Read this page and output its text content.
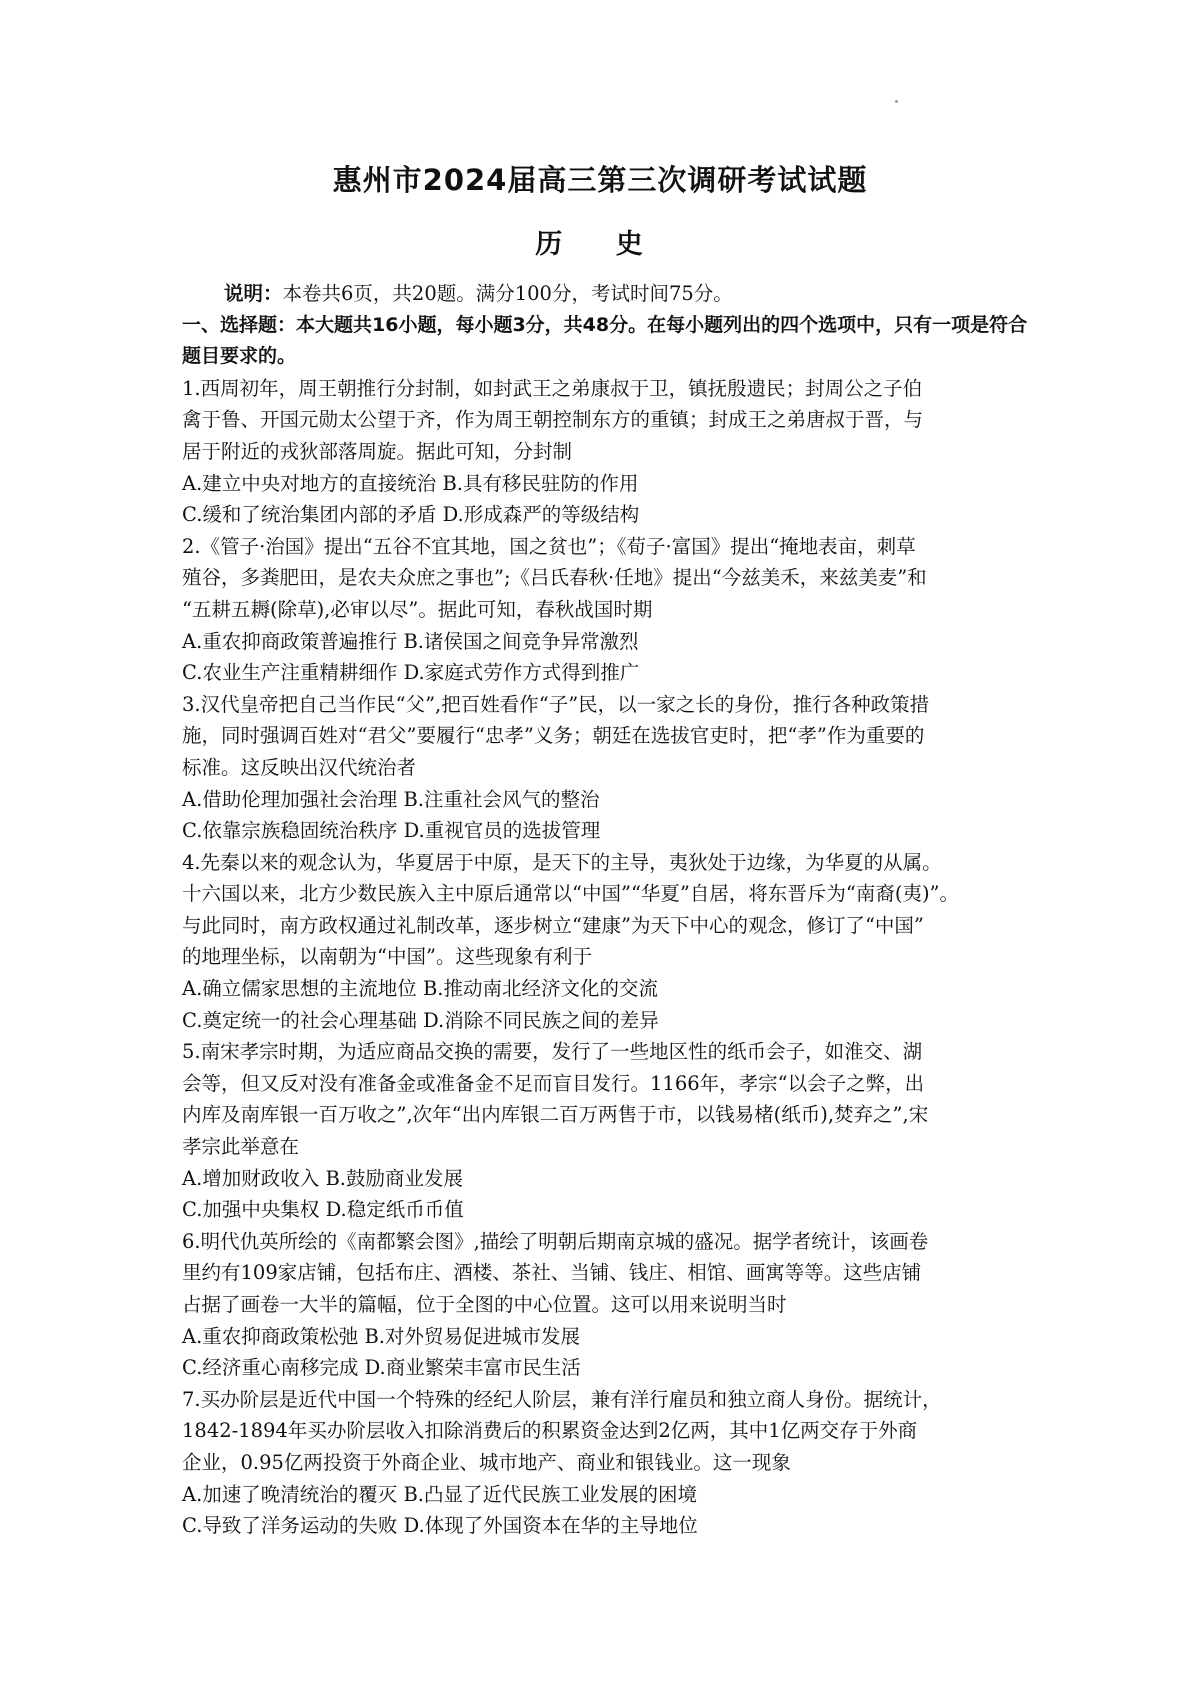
惠州市2024届高三第三次调研考试试题
历 史
说明：本卷共6页，共20题。满分100分，考试时间75分。
一、选择题：本大题共16小题，每小题3分，共48分。在每小题列出的四个选项中，只有一项是符合题目要求的。
1.西周初年，周王朝推行分封制，如封武王之弟康叔于卫，镇抚殷遗民；封周公之子伯
禽于鲁、开国元勋太公望于齐，作为周王朝控制东方的重镇；封成王之弟唐叔于晋，与
居于附近的戎狄部落周旋。据此可知，分封制
A.建立中央对地方的直接统治 B.具有移民驻防的作用
C.缓和了统治集团内部的矛盾 D.形成森严的等级结构
2.《管子·治国》提出“五谷不宜其地，国之贫也”；《荀子·富国》提出“掩地表亩，刺草
殖谷，多粪肥田，是农夫众庶之事也”;《吕氏春秋·任地》提出“今兹美禾，来兹美麦”和
“五耕五耨(除草),必审以尽”。据此可知，春秋战国时期
A.重农抑商政策普遍推行 B.诸侯国之间竞争异常激烈
C.农业生产注重精耕细作 D.家庭式劳作方式得到推广
3.汉代皇帝把自己当作民“父”,把百姓看作“子”民，以一家之长的身份，推行各种政策措
施，同时强调百姓对“君父”要履行“忠孝”义务；朝廷在选拔官吏时，把“孝”作为重要的
标准。这反映出汉代统治者
A.借助伦理加强社会治理 B.注重社会风气的整治
C.依靠宗族稳固统治秩序 D.重视官员的选拔管理
4.先秦以来的观念认为，华夏居于中原，是天下的主导，夷狄处于边缘，为华夏的从属。
十六国以来，北方少数民族入主中原后通常以“中国”“华夏”自居，将东晋斥为“南裔(夷)”。
与此同时，南方政权通过礼制改革，逐步树立“建康”为天下中心的观念，修订了“中国”
的地理坐标，以南朝为“中国”。这些现象有利于
A.确立儒家思想的主流地位 B.推动南北经济文化的交流
C.奠定统一的社会心理基础 D.消除不同民族之间的差异
5.南宋孝宗时期，为适应商品交换的需要，发行了一些地区性的纸币会子，如淮交、湖
会等，但又反对没有准备金或准备金不足而盲目发行。1166年，孝宗“以会子之弊，出
内库及南库银一百万收之”,次年“出内库银二百万两售于市，以钱易楮(纸币),焚弃之”,宋
孝宗此举意在
A.增加财政收入 B.鼓励商业发展
C.加强中央集权 D.稳定纸币币值
6.明代仇英所绘的《南都繁会图》,描绘了明朝后期南京城的盛况。据学者统计，该画卷
里约有109家店铺，包括布庄、酒楼、茶社、当铺、钱庄、相馆、画寓等等。这些店铺
占据了画卷一大半的篇幅，位于全图的中心位置。这可以用来说明当时
A.重农抑商政策松弛 B.对外贸易促进城市发展
C.经济重心南移完成 D.商业繁荣丰富市民生活
7.买办阶层是近代中国一个特殊的经纪人阶层，兼有洋行雇员和独立商人身份。据统计，
1842-1894年买办阶层收入扣除消费后的积累资金达到2亿两，其中1亿两交存于外商
企业，0.95亿两投资于外商企业、城市地产、商业和银钱业。这一现象
A.加速了晚清统治的覆灭 B.凸显了近代民族工业发展的困境
C.导致了洋务运动的失败 D.体现了外国资本在华的主导地位
